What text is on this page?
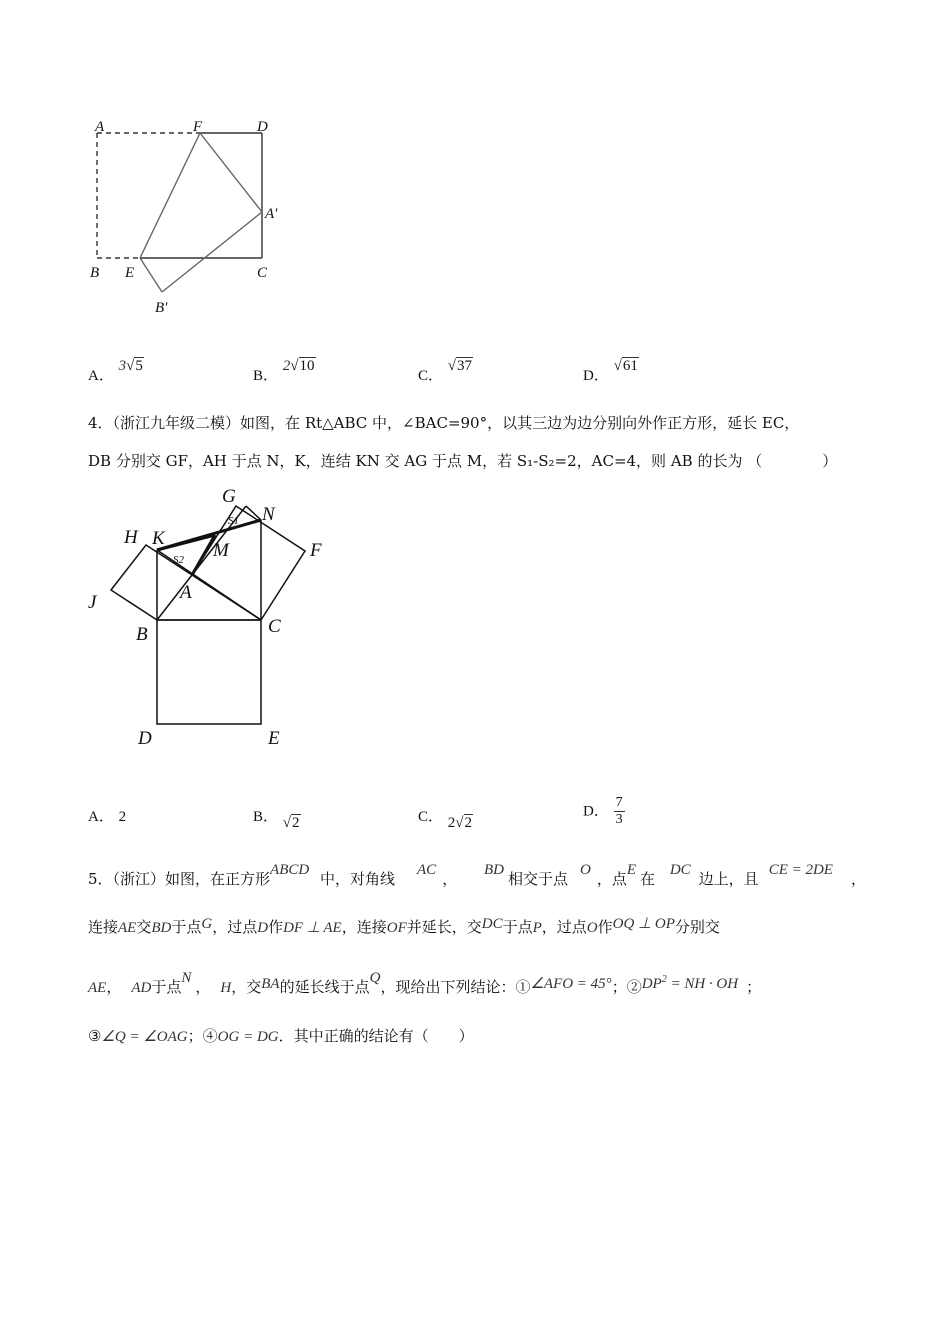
A	F	D
A′
B E	C
B′
A． 3√5
B． 2√10
C． √37
D． √61
4．（浙江九年级二模）如图，在 Rt△ABC 中，∠BAC=90°，以其三边为边分别向外作正方形，延长 EC，
DB 分别交 GF，AH 于点 N，K，连结 KN 交 AG 于点 M，若 S₁-S₂=2，AC=4，则 AB 的长为 （　　　　）
G
N
H K
M	F
J	A
B	C
D	E
S1
S2
A． 2	B． √2	C． 2√2
D． $\frac{7}{3}$
5．（浙江）如图，在正方形ABCD 中，对角线 AC ， BD 相交于点 O ，点E 在 DC 边上，且 CE = 2DE ，
连接AE交BD于点G，过点D作DF ⊥ AE，连接OF并延长，交DC于点P，过点O作OQ ⊥ OP分别交
AE， AD于点N ， H，交BA的延长线于点Q，现给出下列结论：①∠AFO = 45°；$②DP^2$ = NH · OH ；
③∠Q = ∠OAG；④OG = DG．其中正确的结论有（　　）
